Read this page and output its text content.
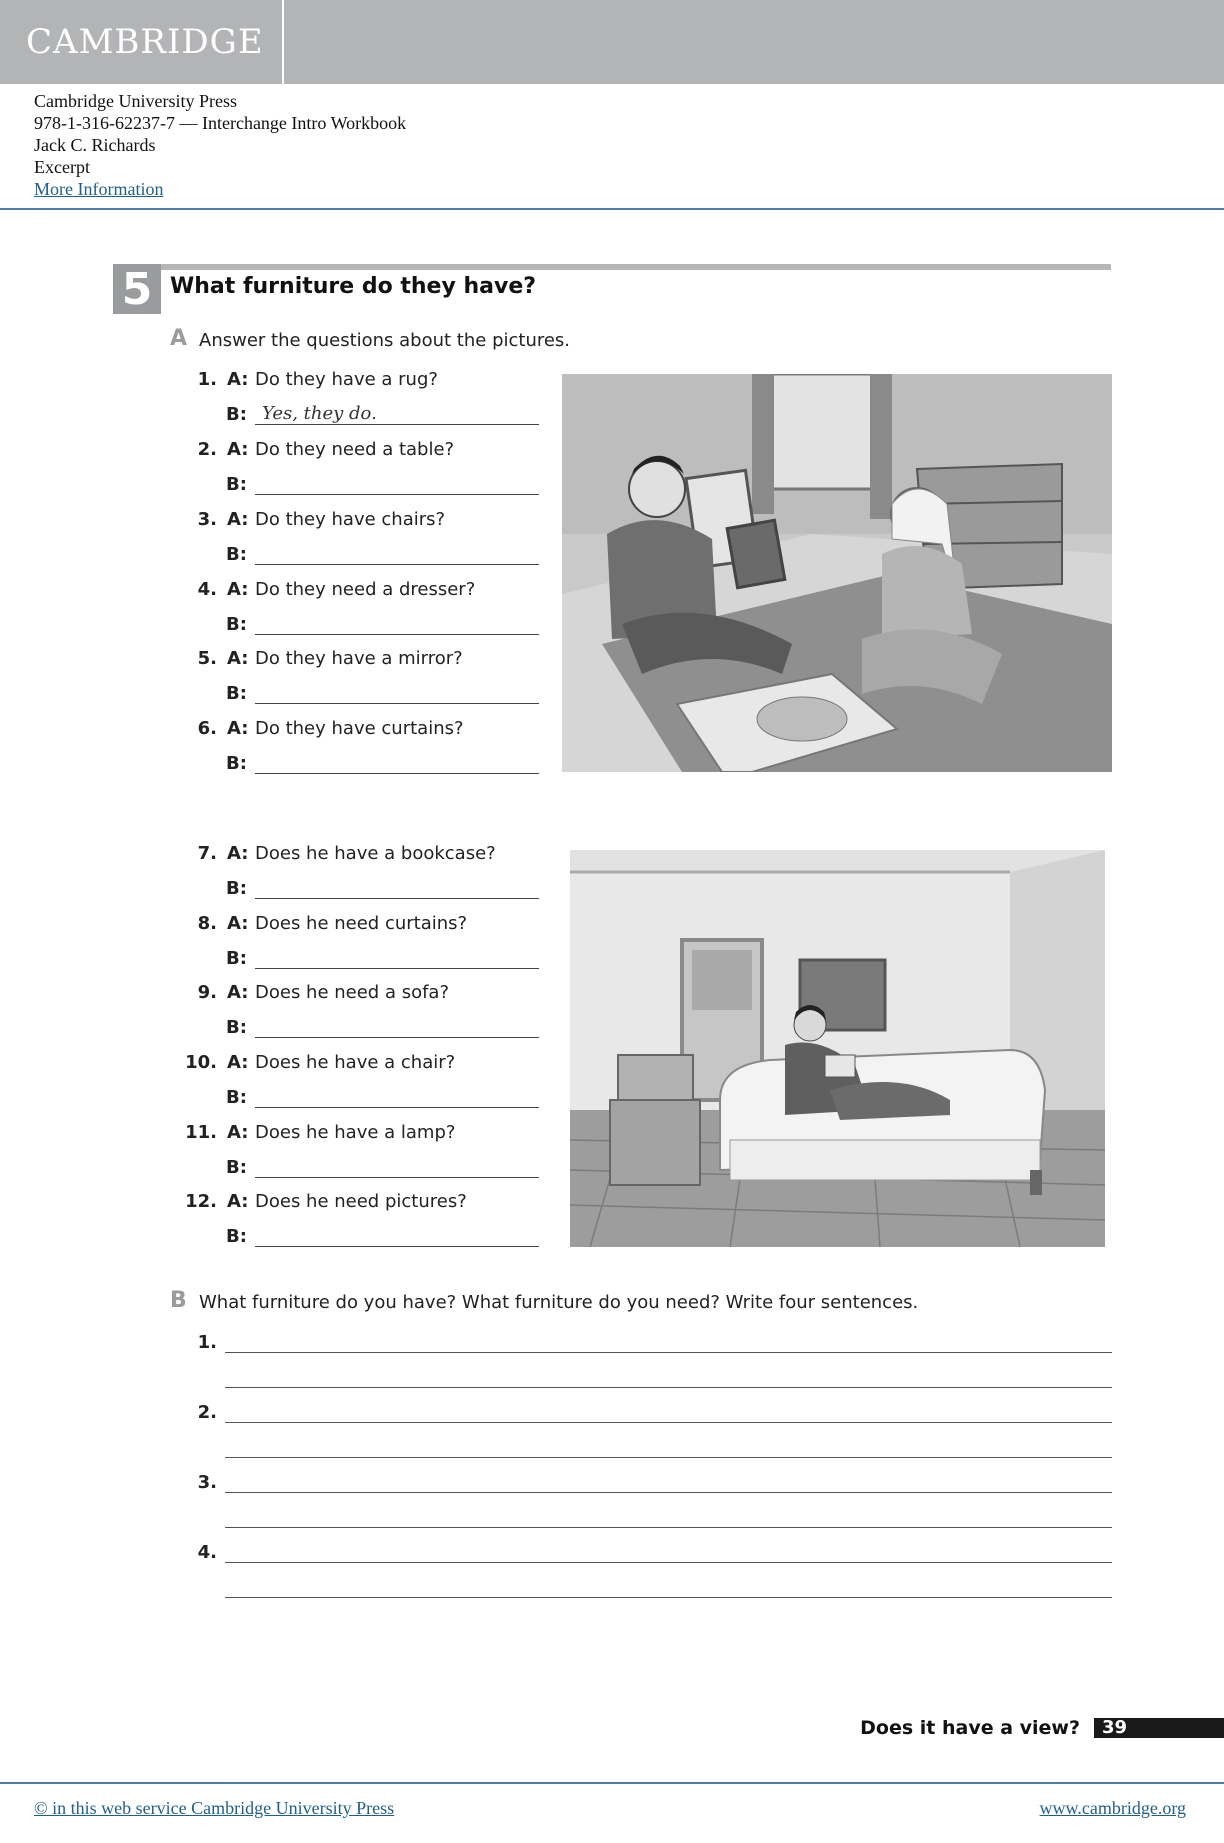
CAMBRIDGE
Cambridge University Press
978-1-316-62237-7 — Interchange Intro Workbook
Jack C. Richards
Excerpt
More Information
5 What furniture do they have?
A Answer the questions about the pictures.
1. A: Do they have a rug?
B: Yes, they do.
2. A: Do they need a table?
B:
3. A: Do they have chairs?
B:
4. A: Do they need a dresser?
B:
5. A: Do they have a mirror?
B:
6. A: Do they have curtains?
B:
7. A: Does he have a bookcase?
B:
8. A: Does he need curtains?
B:
9. A: Does he need a sofa?
B:
10. A: Does he have a chair?
B:
11. A: Does he have a lamp?
B:
12. A: Does he need pictures?
B:
B What furniture do you have? What furniture do you need? Write four sentences.
1.
2.
3.
4.
Does it have a view?	39
© in this web service Cambridge University Press	www.cambridge.org
